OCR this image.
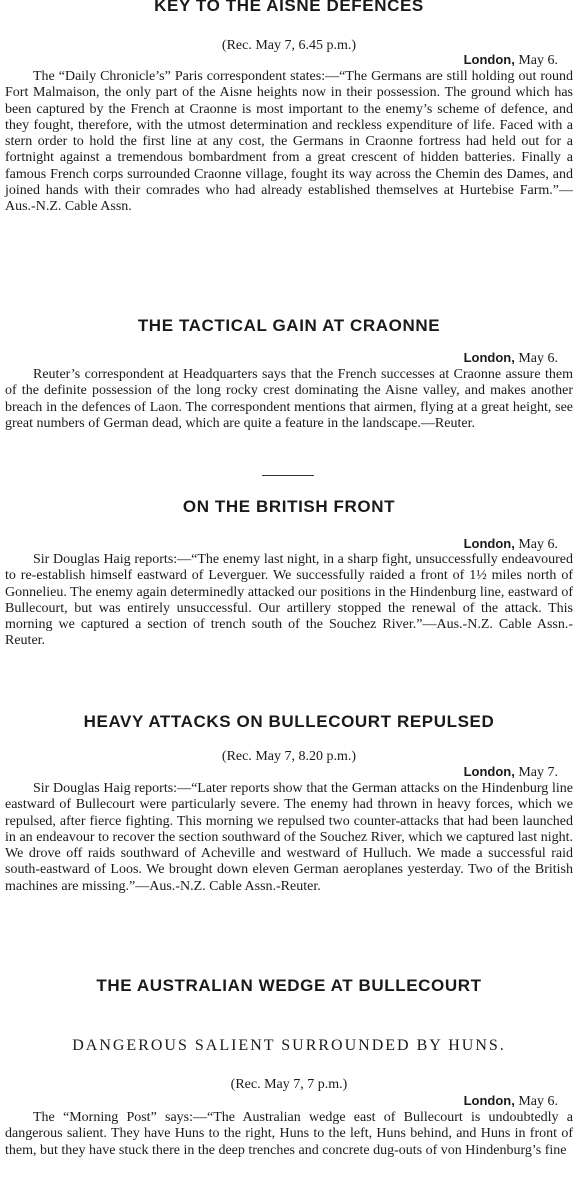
KEY TO THE AISNE DEFENCES
(Rec. May 7, 6.45 p.m.)
London, May 6.

The “Daily Chronicle’s” Paris correspondent states:—“The Germans are still holding out round Fort Malmaison, the only part of the Aisne heights now in their possession. The ground which has been captured by the French at Craonne is most important to the enemy’s scheme of defence, and they fought, therefore, with the utmost determination and reckless expenditure of life. Faced with a stern order to hold the first line at any cost, the Germans in Craonne fortress had held out for a fortnight against a tremendous bombardment from a great crescent of hidden batteries. Finally a famous French corps surrounded Craonne village, fought its way across the Chemin des Dames, and joined hands with their comrades who had already established themselves at Hurtebise Farm.”—Aus.-N.Z. Cable Assn.

THE TACTICAL GAIN AT CRAONNE
London, May 6.

Reuter’s correspondent at Headquarters says that the French successes at Craonne assure them of the definite possession of the long rocky crest dominating the Aisne valley, and makes another breach in the defences of Laon. The correspondent mentions that airmen, flying at a great height, see great numbers of German dead, which are quite a feature in the landscape.—Reuter.

ON THE BRITISH FRONT
London, May 6.

Sir Douglas Haig reports:—“The enemy last night, in a sharp fight, unsuccessfully endeavoured to re-establish himself eastward of Leverguer. We successfully raided a front of 1½ miles north of Gonnelieu. The enemy again determinedly attacked our positions in the Hindenburg line, eastward of Bullecourt, but was entirely unsuccessful. Our artillery stopped the renewal of the attack. This morning we captured a section of trench south of the Souchez River.”—Aus.-N.Z. Cable Assn.-Reuter.

HEAVY ATTACKS ON BULLECOURT REPULSED
(Rec. May 7, 8.20 p.m.)
London, May 7.

Sir Douglas Haig reports:—“Later reports show that the German attacks on the Hindenburg line eastward of Bullecourt were particularly severe. The enemy had thrown in heavy forces, which we repulsed, after fierce fighting. This morning we repulsed two counter-attacks that had been launched in an endeavour to recover the section southward of the Souchez River, which we captured last night. We drove off raids southward of Acheville and westward of Hulluch. We made a successful raid south-eastward of Loos. We brought down eleven German aeroplanes yesterday. Two of the British machines are missing.”—Aus.-N.Z. Cable Assn.-Reuter.

THE AUSTRALIAN WEDGE AT BULLECOURT
DANGEROUS SALIENT SURROUNDED BY HUNS.
(Rec. May 7, 7 p.m.)
London, May 6.

The “Morning Post” says:—“The Australian wedge east of Bullecourt is undoubtedly a dangerous salient. They have Huns to the right, Huns to the left, Huns behind, and Huns in front of them, but they have stuck there in the deep trenches and concrete dug-outs of von Hindenburg’s fine
